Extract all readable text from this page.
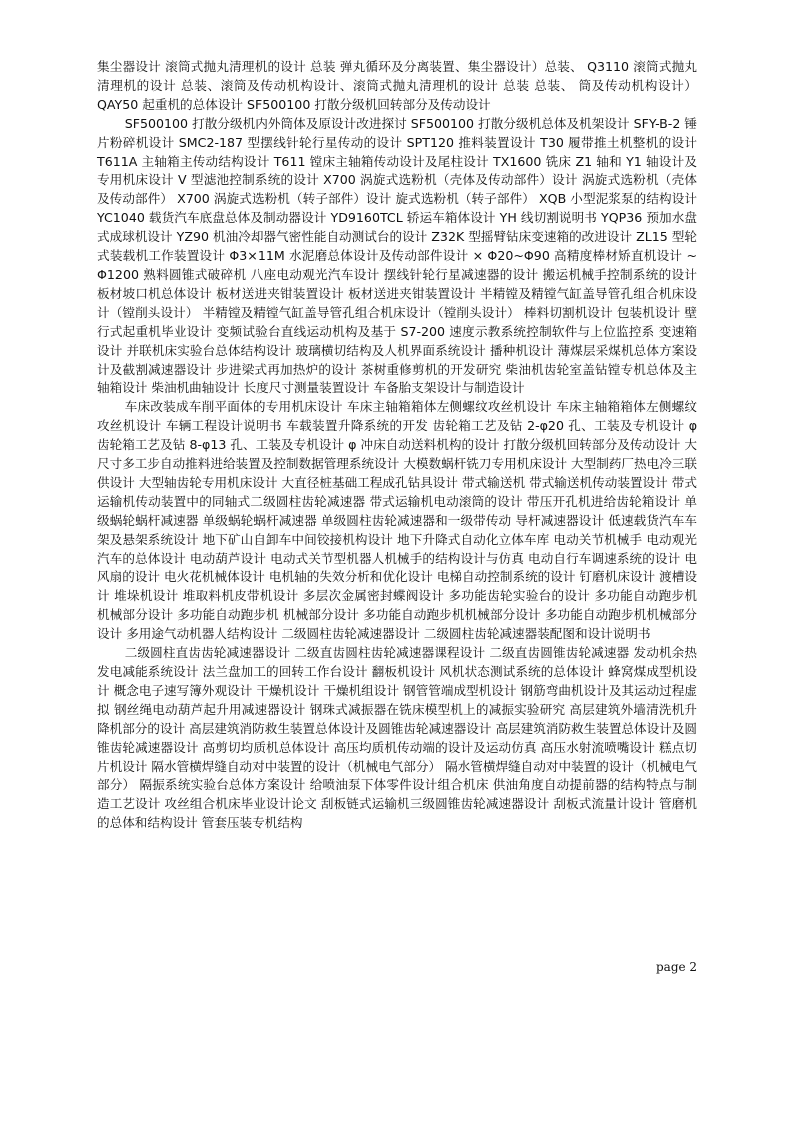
集尘器设计 滚筒式抛丸清理机的设计 总装 弹丸循环及分离装置、集尘器设计）总装、 Q3110 滚筒式抛丸清理机的设计 总装、滚筒及传动机构设计、滚筒式抛丸清理机的设计 总装 总装、 筒及传动机构设计） QAY50 起重机的总体设计 SF500100 打散分级机回转部分及传动设计

SF500100 打散分级机内外筒体及原设计改进探讨 SF500100 打散分级机总体及机架设计 SFY-B-2 锤片粉碎机设计 SMC2-187 型摆线针轮行星传动的设计 SPT120 推料装置设计 T30 履带推土机整机的设计 T611A 主轴箱主传动结构设计 T611 镗床主轴箱传动设计及尾柱设计 TX1600 铣床 Z1 轴和 Y1 轴设计及专用机床设计 V 型滤池控制系统的设计 X700 涡旋式选粉机（壳体及传动部件）设计 涡旋式选粉机（壳体及传动部件） X700 涡旋式选粉机（转子部件）设计 旋式选粉机（转子部件） XQB 小型泥浆泵的结构设计 YC1040 载货汽车底盘总体及制动器设计 YD9160TCL 轿运车箱体设计 YH 线切割说明书 YQP36 预加水盘式成球机设计 YZ90 机油冷却器气密性能自动测试台的设计 Z32K 型摇臂钻床变速箱的改进设计 ZL15 型轮式装载机工作装置设计 Φ3×11M 水泥磨总体设计及传动部件设计 × Φ20~Φ90 高精度棒材矫直机设计 ~ Φ1200 熟料圆锥式破碎机 八座电动观光汽车设计 摆线针轮行星减速器的设计 搬运机械手控制系统的设计 板材坡口机总体设计 板材送进夹钳装置设计 板材送进夹钳装置设计 半精镗及精镗气缸盖导管孔组合机床设计（镗削头设计） 半精镗及精镗气缸盖导管孔组合机床设计（镗削头设计） 棒料切割机设计 包装机设计 壁行式起重机毕业设计 变频试验台直线运动机构及基于 S7-200 速度示教系统控制软件与上位监控系 变速箱设计 并联机床实验台总体结构设计 玻璃横切结构及人机界面系统设计 播种机设计 薄煤层采煤机总体方案设计及截割减速器设计 步进梁式再加热炉的设计 茶树重修剪机的开发研究 柴油机齿轮室盖钻镗专机总体及主轴箱设计 柴油机曲轴设计 长度尺寸测量装置设计 车备胎支架设计与制造设计

车床改装成车削平面体的专用机床设计 车床主轴箱箱体左侧螺纹攻丝机设计 车床主轴箱箱体左侧螺纹攻丝机设计 车辆工程设计说明书 车载装置升降系统的开发 齿轮箱工艺及钻 2-φ20 孔、工装及专机设计 φ 齿轮箱工艺及钻 8-φ13 孔、工装及专机设计 φ 冲床自动送料机构的设计 打散分级机回转部分及传动设计 大尺寸多工步自动推料进给装置及控制数据管理系统设计 大模数蜗杆铣刀专用机床设计 大型制药厂热电冷三联供设计 大型轴齿轮专用机床设计 大直径桩基础工程成孔钻具设计 带式输送机 带式输送机传动装置设计 带式运输机传动装置中的同轴式二级圆柱齿轮减速器 带式运输机电动滚筒的设计 带压开孔机进给齿轮箱设计 单级蜗轮蜗杆减速器 单级蜗轮蜗杆减速器 单级圆柱齿轮减速器和一级带传动 导杆减速器设计 低速载货汽车车架及悬架系统设计 地下矿山自卸车中间铰接机构设计 地下升降式自动化立体车库 电动关节机械手 电动观光汽车的总体设计 电动葫芦设计 电动式关节型机器人机械手的结构设计与仿真 电动自行车调速系统的设计 电风扇的设计 电火花机械体设计 电机轴的失效分析和优化设计 电梯自动控制系统的设计 钉磨机床设计 渡槽设计 堆垛机设计 堆取料机皮带机设计 多层次金属密封蝶阀设计 多功能齿轮实验台的设计 多功能自动跑步机 机械部分设计 多功能自动跑步机 机械部分设计 多功能自动跑步机机械部分设计 多功能自动跑步机机械部分设计 多用途气动机器人结构设计 二级圆柱齿轮减速器设计 二级圆柱齿轮减速器装配图和设计说明书

二级圆柱直齿齿轮减速器设计 二级直齿圆柱齿轮减速器课程设计 二级直齿圆锥齿轮减速器 发动机余热发电减能系统设计 法兰盘加工的回转工作台设计 翻板机设计 风机状态测试系统的总体设计 蜂窝煤成型机设计 概念电子速写簿外观设计 干燥机设计 干燥机组设计 钢管管端成型机设计 钢筋弯曲机设计及其运动过程虚拟 钢丝绳电动葫芦起升用减速器设计 钢珠式减振器在铣床模型机上的减振实验研究 高层建筑外墙清洗机升降机部分的设计 高层建筑消防救生装置总体设计及圆锥齿轮减速器设计 高层建筑消防救生装置总体设计及圆锥齿轮减速器设计 高剪切均质机总体设计 高压均质机传动端的设计及运动仿真 高压水射流喷嘴设计 糕点切片机设计 隔水管横焊缝自动对中装置的设计（机械电气部分） 隔水管横焊缝自动对中装置的设计（机械电气部分） 隔振系统实验台总体方案设计 给喷油泵下体零件设计组合机床 供油角度自动提前器的结构特点与制造工艺设计 攻丝组合机床毕业设计论文 刮板链式运输机三级圆锥齿轮减速器设计 刮板式流量计设计 管磨机的总体和结构设计 管套压装专机结构

page 2
